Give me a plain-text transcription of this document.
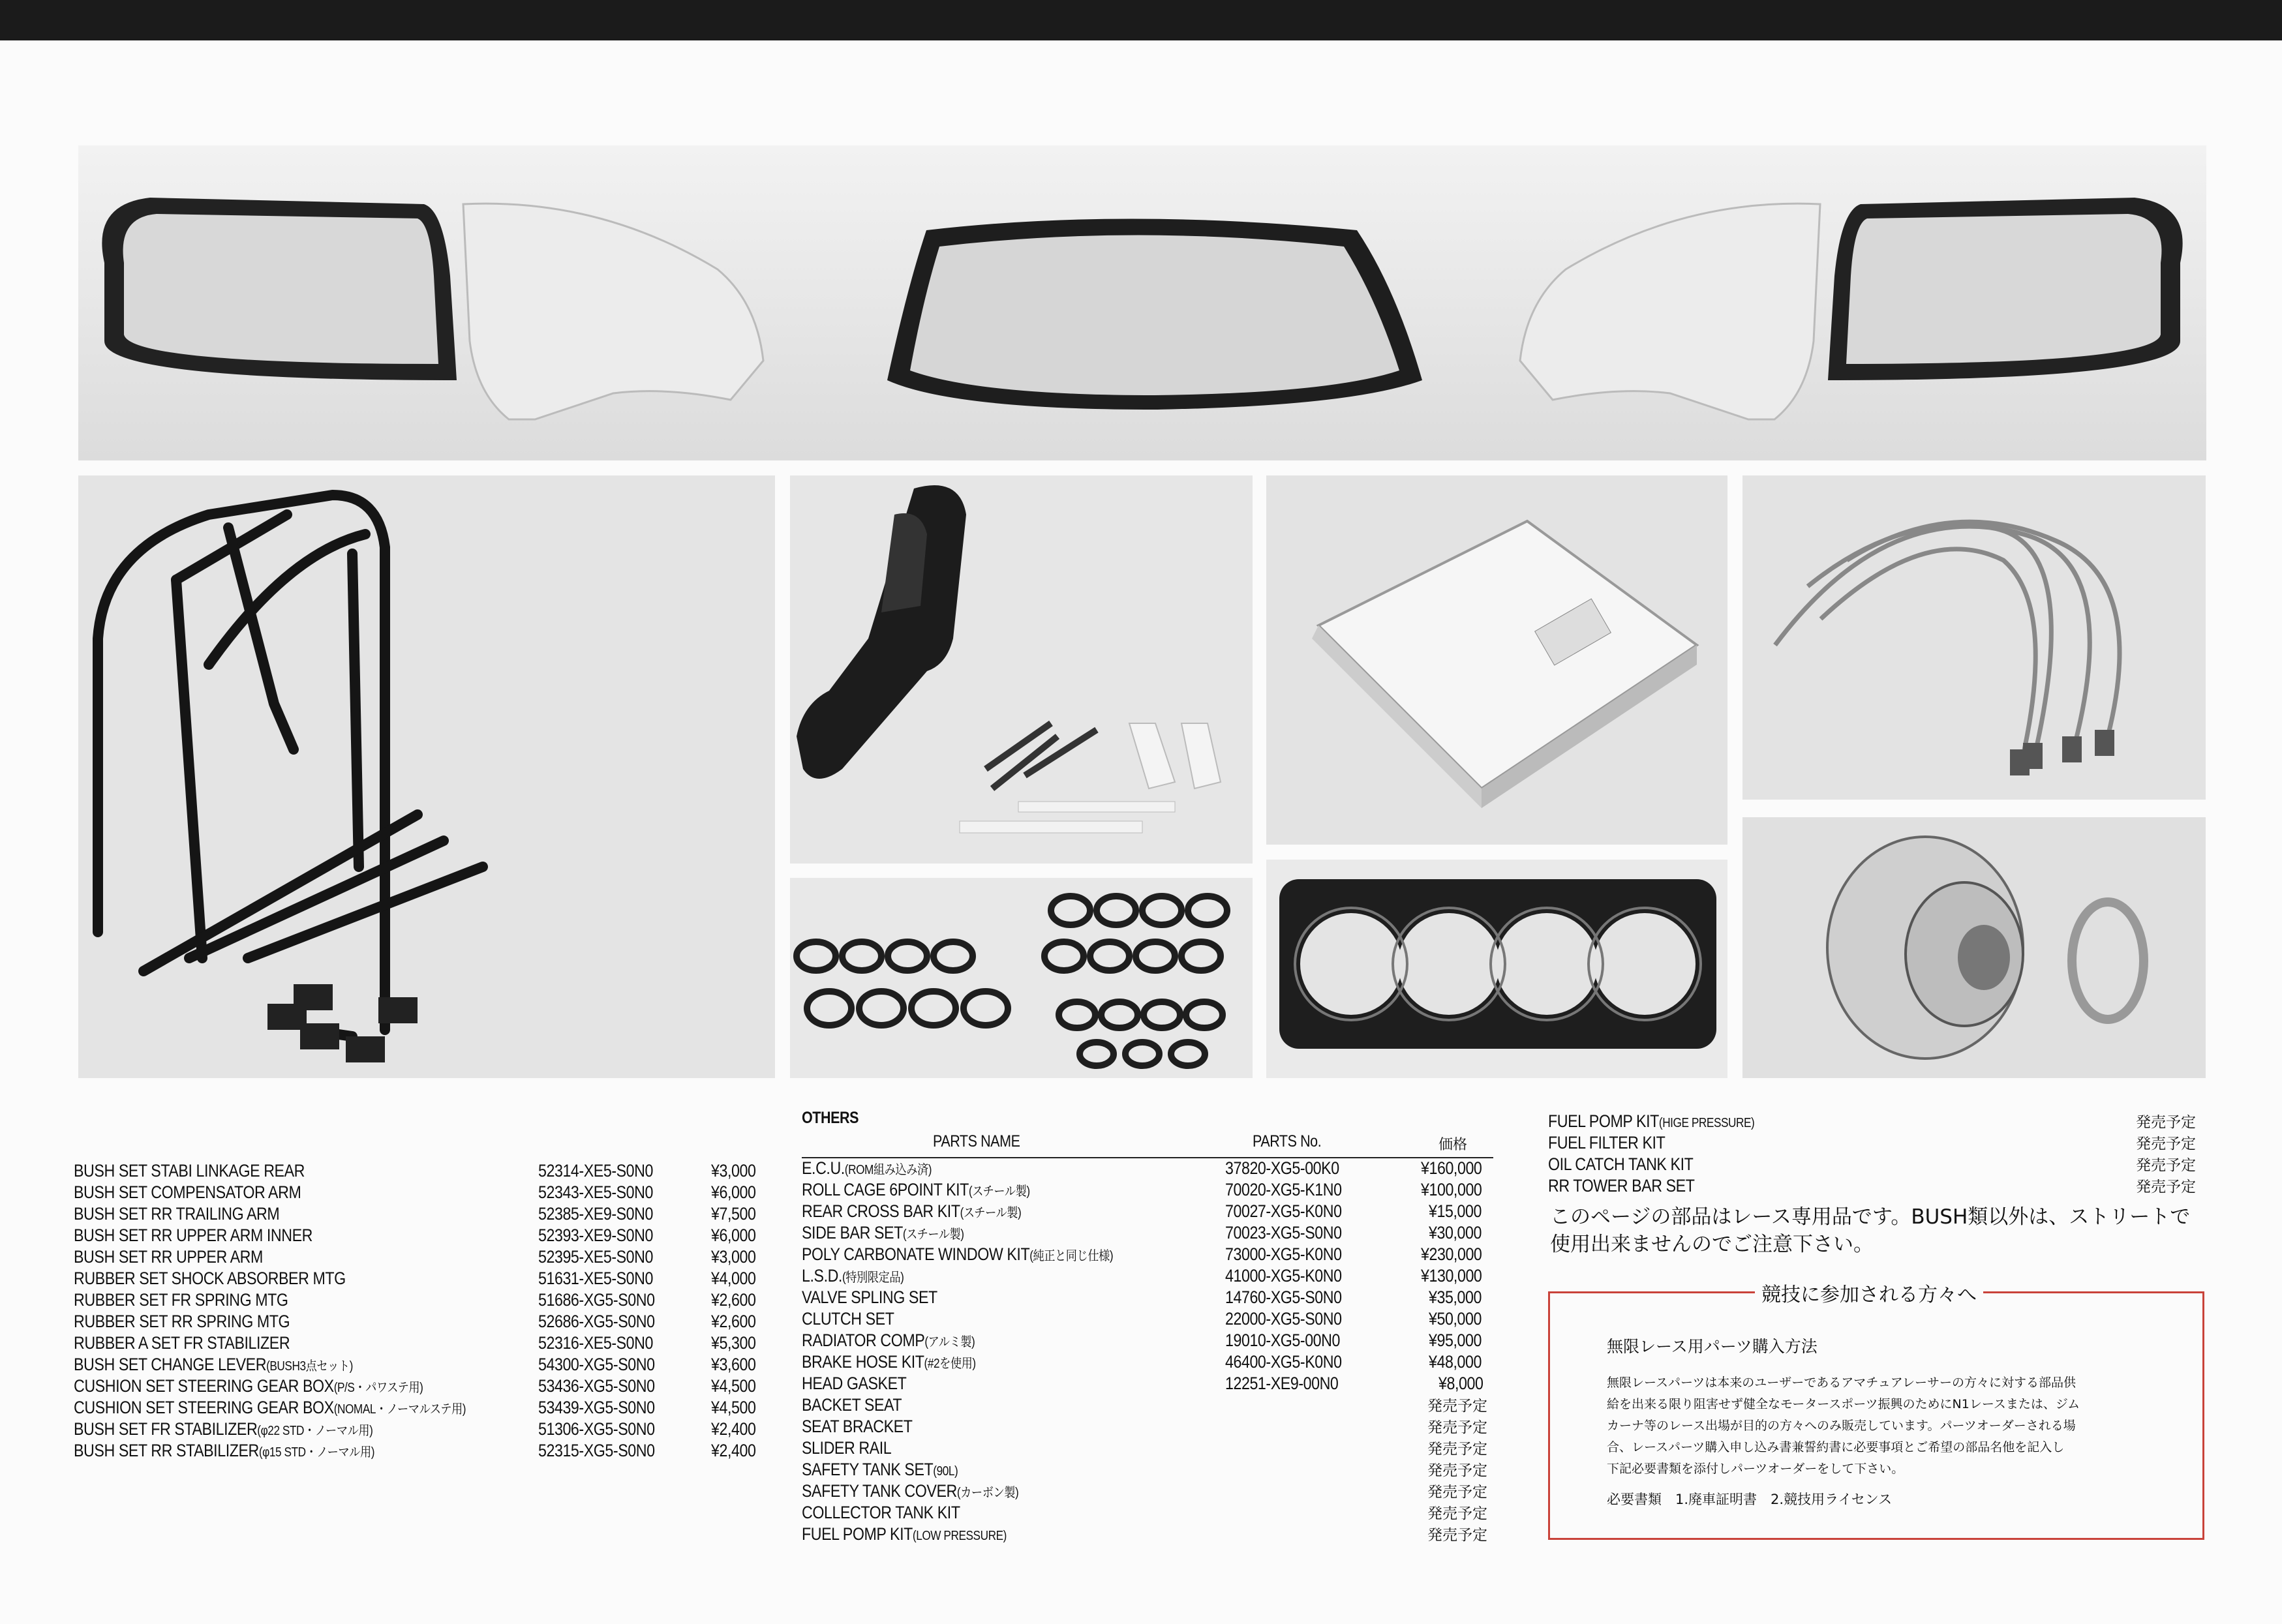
BUSH SET STABI LINKAGE REAR	52314-XE5-S0N0	¥3,000
BUSH SET COMPENSATOR ARM	52343-XE5-S0N0	¥6,000
BUSH SET RR TRAILING ARM	52385-XE9-S0N0	¥7,500
BUSH SET RR UPPER ARM INNER	52393-XE9-S0N0	¥6,000
BUSH SET RR UPPER ARM	52395-XE5-S0N0	¥3,000
RUBBER SET SHOCK ABSORBER MTG	51631-XE5-S0N0	¥4,000
RUBBER SET FR SPRING MTG	51686-XG5-S0N0	¥2,600
RUBBER SET RR SPRING MTG	52686-XG5-S0N0	¥2,600
RUBBER A SET FR STABILIZER	52316-XE5-S0N0	¥5,300
BUSH SET CHANGE LEVER(BUSH3点セット)	54300-XG5-S0N0	¥3,600
CUSHION SET STEERING GEAR BOX(P/S・パワステ用)	53436-XG5-S0N0	¥4,500
CUSHION SET STEERING GEAR BOX(NOMAL・ノーマルステ用)	53439-XG5-S0N0	¥4,500
BUSH SET FR STABILIZER(φ22 STD・ノーマル用)	51306-XG5-S0N0	¥2,400
BUSH SET RR STABILIZER(φ15 STD・ノーマル用)	52315-XG5-S0N0	¥2,400
OTHERS
PARTS NAME	PARTS No.	価格
E.C.U.(ROM組み込み済)	37820-XG5-00K0	¥160,000
ROLL CAGE 6POINT KIT(スチール製)	70020-XG5-K1N0	¥100,000
REAR CROSS BAR KIT(スチール製)	70027-XG5-K0N0	¥15,000
SIDE BAR SET(スチール製)	70023-XG5-S0N0	¥30,000
POLY CARBONATE WINDOW KIT(純正と同じ仕様)	73000-XG5-K0N0	¥230,000
L.S.D.(特別限定品)	41000-XG5-K0N0	¥130,000
VALVE SPLING SET	14760-XG5-S0N0	¥35,000
CLUTCH SET	22000-XG5-S0N0	¥50,000
RADIATOR COMP(アルミ製)	19010-XG5-00N0	¥95,000
BRAKE HOSE KIT(#2を使用)	46400-XG5-K0N0	¥48,000
HEAD GASKET	12251-XE9-00N0	¥8,000
BACKET SEAT	発売予定
SEAT BRACKET	発売予定
SLIDER RAIL	発売予定
SAFETY TANK SET(90L)	発売予定
SAFETY TANK COVER(カーボン製)	発売予定
COLLECTOR TANK KIT	発売予定
FUEL POMP KIT(LOW PRESSURE)	発売予定
FUEL POMP KIT(HIGE PRESSURE)	発売予定
FUEL FILTER KIT	発売予定
OIL CATCH TANK KIT	発売予定
RR TOWER BAR SET	発売予定
このページの部品はレース専用品です。BUSH類以外は、ストリートで
使用出来ませんのでご注意下さい。
競技に参加される方々へ
無限レース用パーツ購入方法
無限レースパーツは本来のユーザーであるアマチュアレーサーの方々に対する部品供
給を出来る限り阻害せず健全なモータースポーツ振興のためにN1レースまたは、ジム
カーナ等のレース出場が目的の方々へのみ販売しています。パーツオーダーされる場
合、レースパーツ購入申し込み書兼誓約書に必要事項とご希望の部品名他を記入し
下記必要書類を添付しパーツオーダーをして下さい。
必要書類　1.廃車証明書　2.競技用ライセンス
